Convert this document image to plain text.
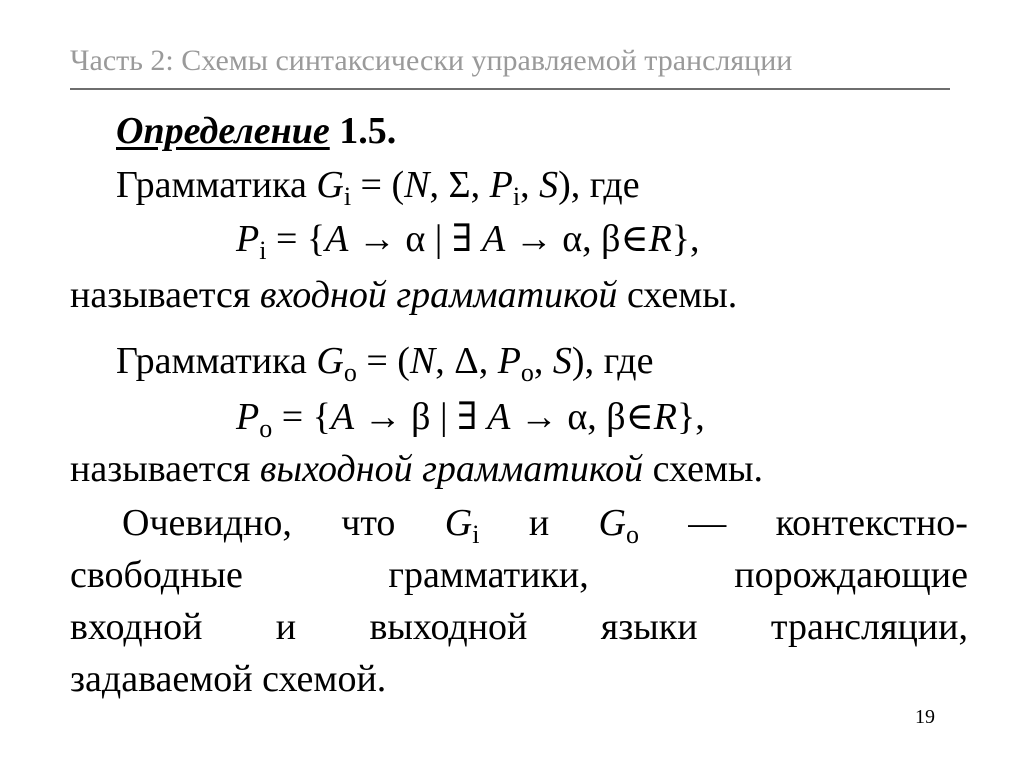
Часть 2: Схемы синтаксически управляемой трансляции
Определение 1.5.
Грамматика $G_i = (N$, Σ, $P_i$, S), где
$P_i = \{A \to \alpha$ | ∃ A → α, β∈R},
называется входной грамматикой схемы.
Грамматика $G_o = (N$, Δ, $P_o$, S), где
$P_o = \{A \to \beta$ | ∃ A → α, β∈R},
называется выходной грамматикой схемы.
Очевидно, что $G_i$ и $G_o$ — контекстно-
свободные	грамматики,	порождающие
входной и выходной языки трансляции,
задаваемой схемой.
19
